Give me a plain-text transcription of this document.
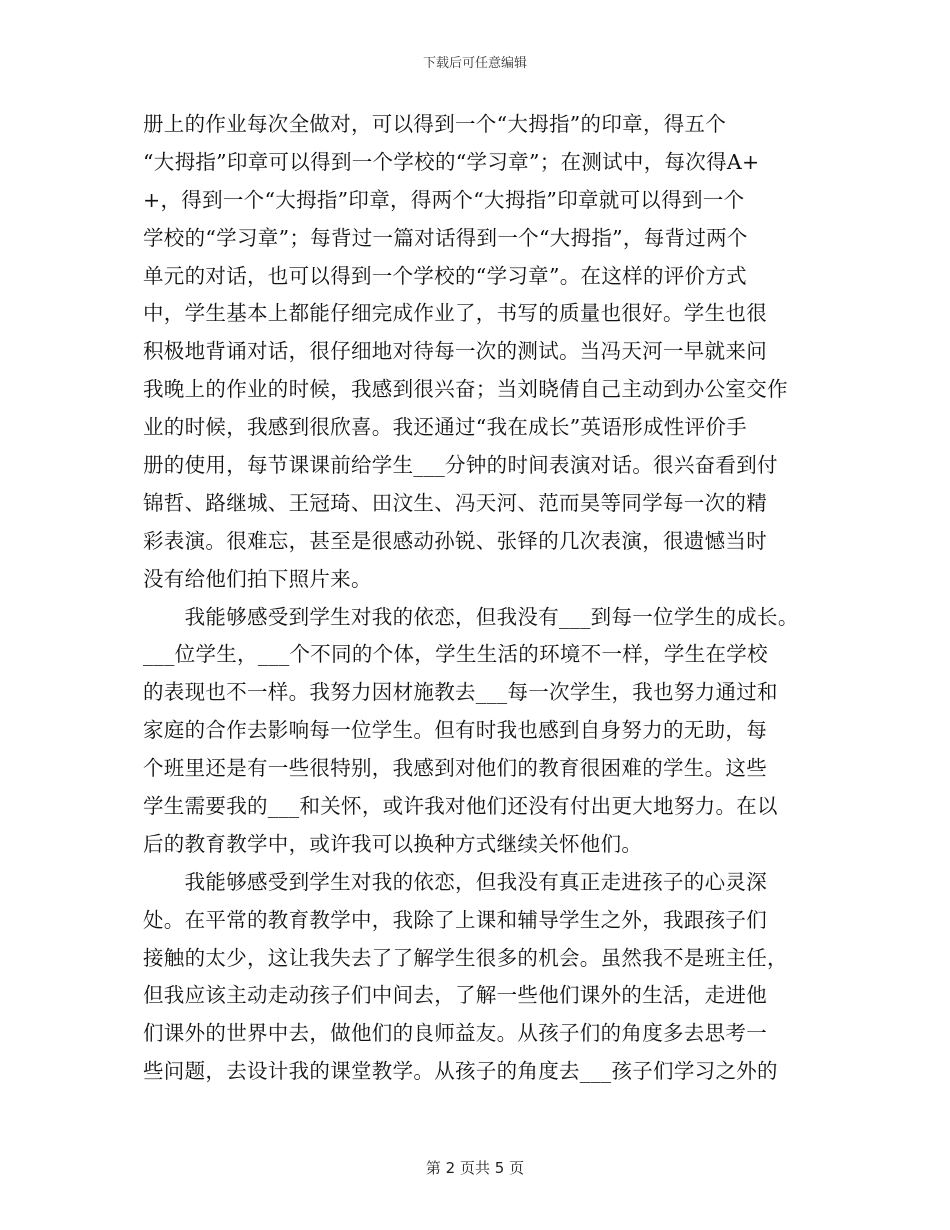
下载后可任意编辑
册上的作业每次全做对，可以得到一个“大拇指”的印章，得五个
“大拇指”印章可以得到一个学校的“学习章”；在测试中，每次得A+
+，得到一个“大拇指”印章，得两个“大拇指”印章就可以得到一个
学校的“学习章”；每背过一篇对话得到一个“大拇指”，每背过两个
单元的对话，也可以得到一个学校的“学习章”。在这样的评价方式
中，学生基本上都能仔细完成作业了，书写的质量也很好。学生也很
积极地背诵对话，很仔细地对待每一次的测试。当冯天河一早就来问
我晚上的作业的时候，我感到很兴奋；当刘晓倩自己主动到办公室交作
业的时候，我感到很欣喜。我还通过“我在成长”英语形成性评价手
册的使用，每节课课前给学生___分钟的时间表演对话。很兴奋看到付
锦哲、路继城、王冠琦、田汶生、冯天河、范而昊等同学每一次的精
彩表演。很难忘，甚至是很感动孙锐、张铎的几次表演，很遗憾当时
没有给他们拍下照片来。
　　我能够感受到学生对我的依恋，但我没有___到每一位学生的成长。
___位学生，___个不同的个体，学生生活的环境不一样，学生在学校
的表现也不一样。我努力因材施教去___每一次学生，我也努力通过和
家庭的合作去影响每一位学生。但有时我也感到自身努力的无助，每
个班里还是有一些很特别，我感到对他们的教育很困难的学生。这些
学生需要我的___和关怀，或许我对他们还没有付出更大地努力。在以
后的教育教学中，或许我可以换种方式继续关怀他们。
　　我能够感受到学生对我的依恋，但我没有真正走进孩子的心灵深
处。在平常的教育教学中，我除了上课和辅导学生之外，我跟孩子们
接触的太少，这让我失去了了解学生很多的机会。虽然我不是班主任，
但我应该主动走动孩子们中间去，了解一些他们课外的生活，走进他
们课外的世界中去，做他们的良师益友。从孩子们的角度多去思考一
些问题，去设计我的课堂教学。从孩子的角度去___孩子们学习之外的
第 2 页共 5 页
